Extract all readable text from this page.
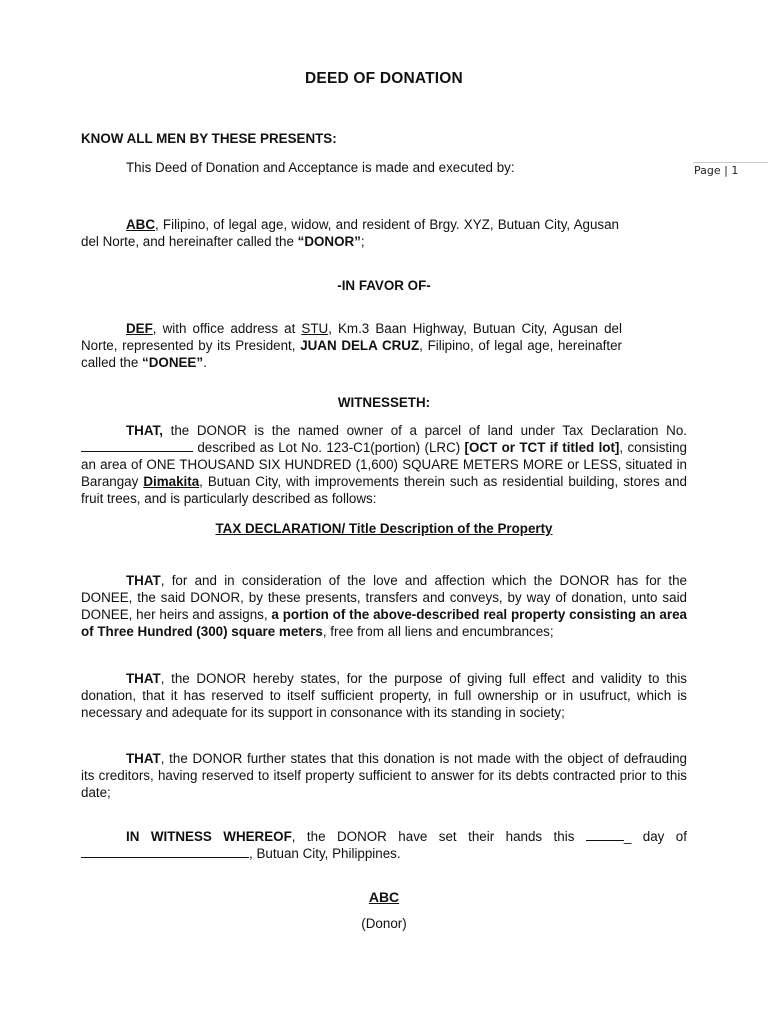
DEED OF DONATION
Page | 1
KNOW ALL MEN BY THESE PRESENTS:
This Deed of Donation and Acceptance is made and executed by:
ABC, Filipino, of legal age, widow, and resident of Brgy. XYZ, Butuan City, Agusan del Norte, and hereinafter called the “DONOR”;
-IN FAVOR OF-
DEF, with office address at STU, Km.3 Baan Highway, Butuan City, Agusan del Norte, represented by its President, JUAN DELA CRUZ, Filipino, of legal age, hereinafter called the “DONEE”.
WITNESSETH:
THAT, the DONOR is the named owner of a parcel of land under Tax Declaration No.  described as Lot No. 123-C1(portion) (LRC) [OCT or TCT if titled lot], consisting an area of ONE THOUSAND SIX HUNDRED (1,600) SQUARE METERS MORE or LESS, situated in Barangay Dimakita, Butuan City, with improvements therein such as residential building, stores and fruit trees, and is particularly described as follows:
TAX DECLARATION/ Title Description of the Property
THAT, for and in consideration of the love and affection which the DONOR has for the DONEE, the said DONOR, by these presents, transfers and conveys, by way of donation, unto said DONEE, her heirs and assigns, a portion of the above-described real property consisting an area of Three Hundred (300) square meters, free from all liens and encumbrances;
THAT, the DONOR hereby states, for the purpose of giving full effect and validity to this donation, that it has reserved to itself sufficient property, in full ownership or in usufruct, which is necessary and adequate for its support in consonance with its standing in society;
THAT, the DONOR further states that this donation is not made with the object of defrauding its creditors, having reserved to itself property sufficient to answer for its debts contracted prior to this date;
IN WITNESS WHEREOF, the DONOR have set their hands this	_ day of , Butuan City, Philippines.
ABC
(Donor)
